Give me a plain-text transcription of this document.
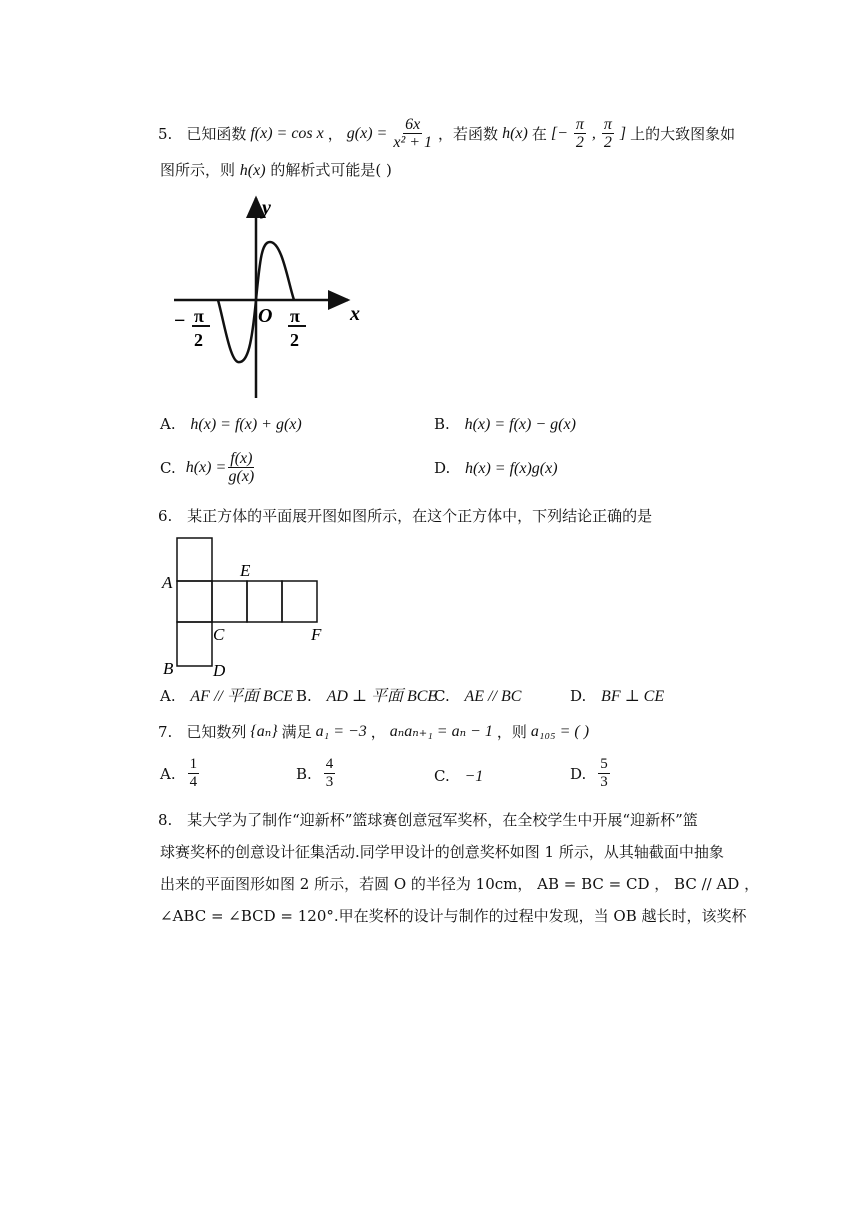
5. 已知函数 f(x) = cos x ， $g(x) = \frac{6x}{\text{x² + 1}}$ ，若函数 h(x) 在 [− $\frac{\pi}{2}$ , $\frac{\pi}{2}$ ] 上的大致图象如
图所示，则 h(x) 的解析式可能是( )
y
x
O
− π
2
π
2
A. h(x) = f(x) + g(x)	B. h(x) = f(x) − g(x)
C. $h(x) = \frac{f(x)}{g(x)}$	D. h(x) = f(x)g(x)
6. 某正方体的平面展开图如图所示，在这个正方体中，下列结论正确的是
A
E
C	F
B D
A. AF // 平面 BCE B. AD ⊥ 平面 BCE
C. AE // BC	D. BF ⊥ CE
7. 已知数列 {aₙ} 满足 a₁ = −3 ， aₙaₙ₊₁ = aₙ − 1 ，则 a₁₀₅ = ( )
A. $\frac{1}{4}$	B. $\frac{4}{3}$	C. −1	D. $\frac{5}{3}$
8. 某大学为了制作“迎新杯”篮球赛创意冠军奖杯，在全校学生中开展“迎新杯”篮
球赛奖杯的创意设计征集活动.同学甲设计的创意奖杯如图 1 所示，从其轴截面中抽象
出来的平面图形如图 2 所示，若圆 O 的半径为 10cm， AB = BC = CD ， BC // AD ，
∠ABC = ∠BCD = 120°.甲在奖杯的设计与制作的过程中发现，当 OB 越长时，该奖杯
